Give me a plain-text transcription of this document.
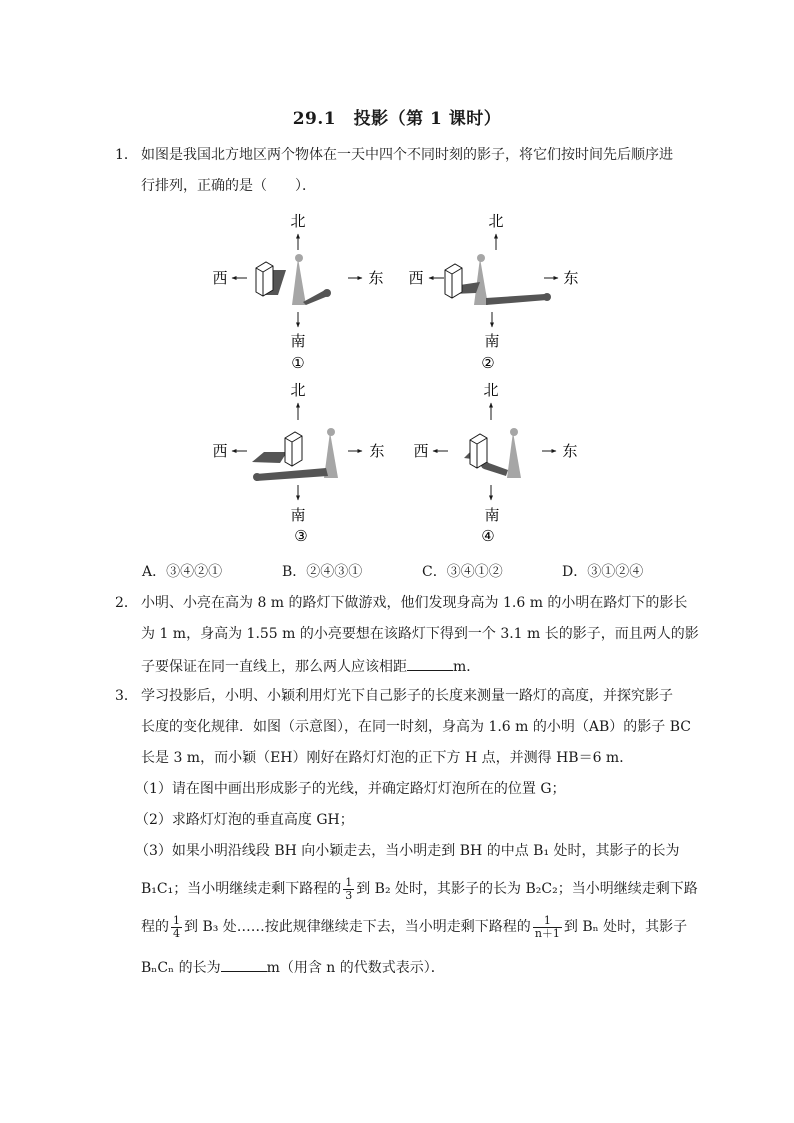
29.1　投影（第 1 课时）
1． 如图是我国北方地区两个物体在一天中四个不同时刻的影子，将它们按时间先后顺序进
行排列，正确的是（　　）．
北
西	东
南
①
北
西	东
南
②
北
西	东
南
③
北
西	东
南
④
A．③④②①	B．②④③①	C．③④①②	D．③①②④
2． 小明、小亮在高为 8 m 的路灯下做游戏，他们发现身高为 1.6 m 的小明在路灯下的影长
为 1 m，身高为 1.55 m 的小亮要想在该路灯下得到一个 3.1 m 长的影子，而且两人的影
子要保证在同一直线上，那么两人应该相距	m．
3． 学习投影后，小明、小颖利用灯光下自己影子的长度来测量一路灯的高度，并探究影子
长度的变化规律．如图（示意图），在同一时刻，身高为 1.6 m 的小明（AB）的影子 BC
长是 3 m，而小颖（EH）刚好在路灯灯泡的正下方 H 点，并测得 HB＝6 m．
（1）请在图中画出形成影子的光线，并确定路灯灯泡所在的位置 G；
（2）求路灯灯泡的垂直高度 GH；
（3）如果小明沿线段 BH 向小颖走去，当小明走到 BH 的中点 B₁ 处时，其影子的长为
B₁C₁；当小明继续走剩下路程的 $\frac{1}{3}$ 到 B₂ 处时，其影子的长为 B₂C₂；当小明继续走剩下路
程的 $\frac{1}{4}$ 到 B₃ 处……按此规律继续走下去，当小明走剩下路程的 $\frac{1}{n+1}$ 到 Bₙ 处时，其影子
BₙCₙ 的长为	m（用含 n 的代数式表示）．
